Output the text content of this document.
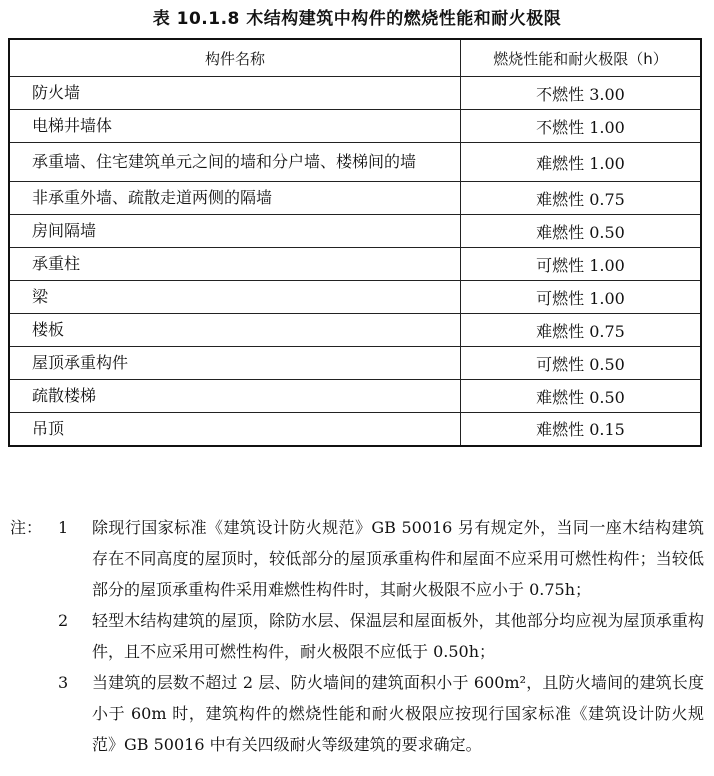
表 10.1.8 木结构建筑中构件的燃烧性能和耐火极限
构件名称	燃烧性能和耐火极限（h）
防火墙	不燃性 3.00
电梯井墙体	不燃性 1.00
承重墙、住宅建筑单元之间的墙和分户墙、楼梯间的墙	难燃性 1.00
非承重外墙、疏散走道两侧的隔墙	难燃性 0.75
房间隔墙	难燃性 0.50
承重柱	可燃性 1.00
梁	可燃性 1.00
楼板	难燃性 0.75
屋顶承重构件	可燃性 0.50
疏散楼梯	难燃性 0.50
吊顶	难燃性 0.15
注： 1	除现行国家标准《建筑设计防火规范》GB 50016 另有规定外，当同一座木结构建筑存在不同高度的屋顶时，较低部分的屋顶承重构件和屋面不应采用可燃性构件；当较低部分的屋顶承重构件采用难燃性构件时，其耐火极限不应小于 0.75h；
2	轻型木结构建筑的屋顶，除防水层、保温层和屋面板外，其他部分均应视为屋顶承重构件，且不应采用可燃性构件，耐火极限不应低于 0.50h；
3	当建筑的层数不超过 2 层、防火墙间的建筑面积小于 600m²，且防火墙间的建筑长度小于 60m 时，建筑构件的燃烧性能和耐火极限应按现行国家标准《建筑设计防火规范》GB 50016 中有关四级耐火等级建筑的要求确定。
